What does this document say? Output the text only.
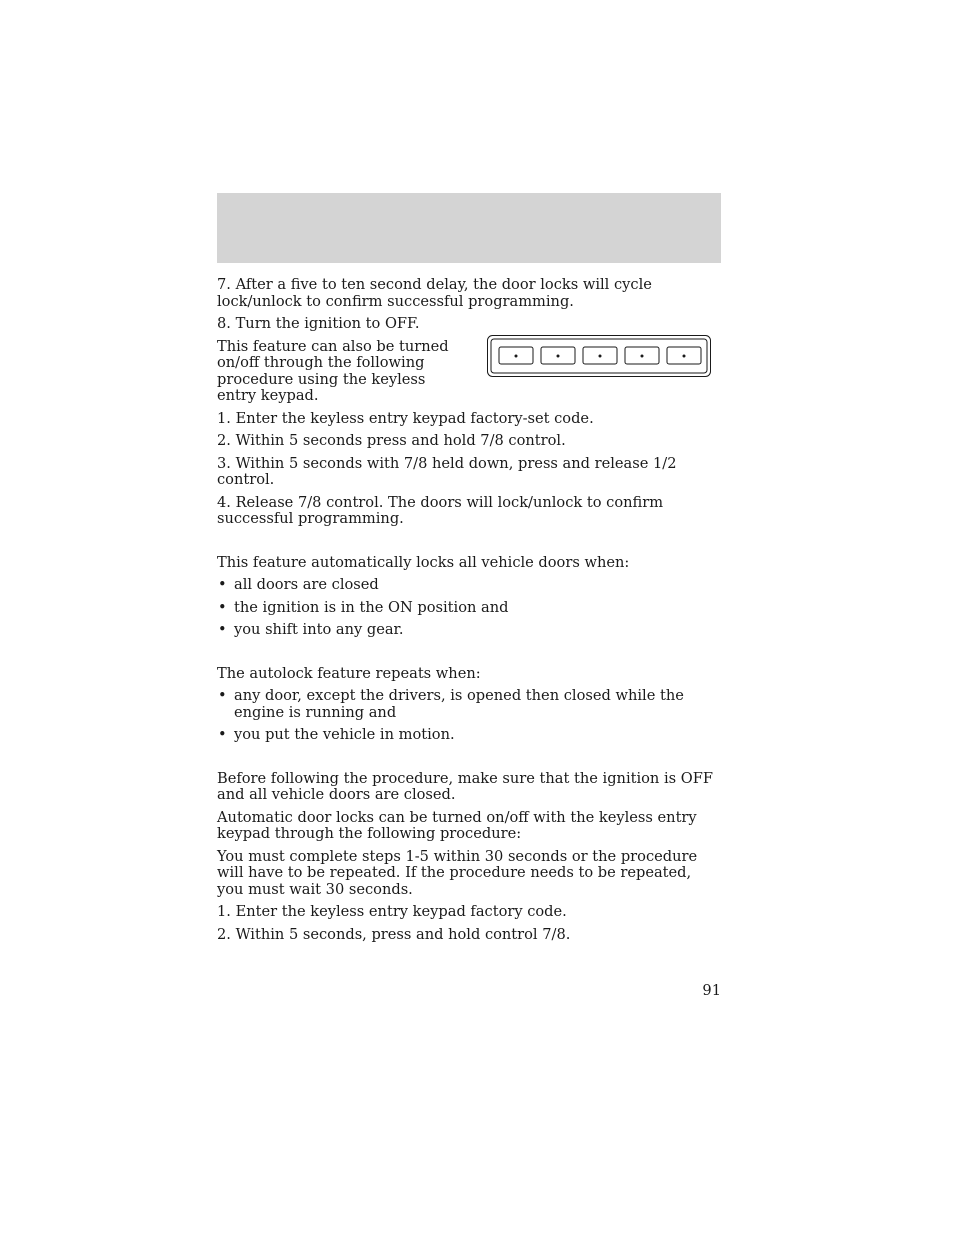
7. After a five to ten second delay, the door locks will cycle lock/unlock to confirm successful programming.

8. Turn the ignition to OFF.

This feature can also be turned on/off through the following procedure using the keyless entry keypad.

1. Enter the keyless entry keypad factory-set code.

2. Within 5 seconds press and hold 7/8 control.

3. Within 5 seconds with 7/8 held down, press and release 1/2 control.

4. Release 7/8 control. The doors will lock/unlock to confirm successful programming.

This feature automatically locks all vehicle doors when:

• all doors are closed
• the ignition is in the ON position and
• you shift into any gear.

The autolock feature repeats when:

• any door, except the drivers, is opened then closed while the engine is running and
• you put the vehicle in motion.

Before following the procedure, make sure that the ignition is OFF and all vehicle doors are closed.

Automatic door locks can be turned on/off with the keyless entry keypad through the following procedure:

You must complete steps 1-5 within 30 seconds or the procedure will have to be repeated. If the procedure needs to be repeated, you must wait 30 seconds.

1. Enter the keyless entry keypad factory code.

2. Within 5 seconds, press and hold control 7/8.

91
